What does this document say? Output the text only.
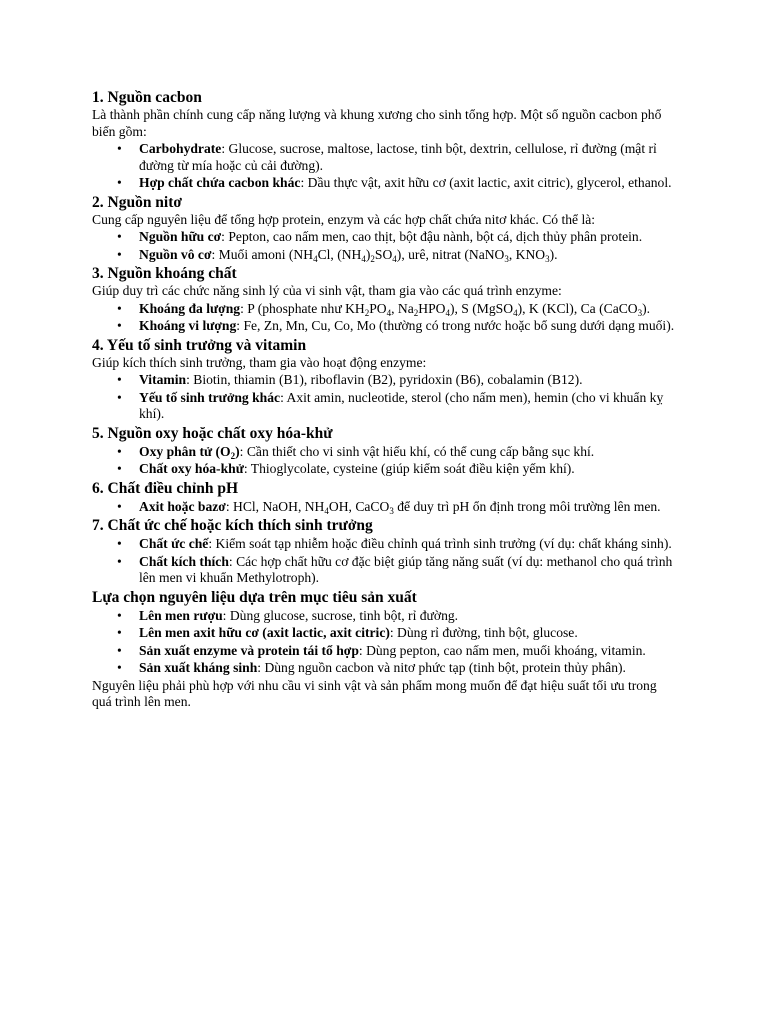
1. Nguồn cacbon

Là thành phần chính cung cấp năng lượng và khung xương cho sinh tổng hợp. Một số nguồn cacbon phổ biến gồm:

• Carbohydrate: Glucose, sucrose, maltose, lactose, tinh bột, dextrin, cellulose, rỉ đường (mật rỉ đường từ mía hoặc củ cải đường).
• Hợp chất chứa cacbon khác: Dầu thực vật, axit hữu cơ (axit lactic, axit citric), glycerol, ethanol.
2. Nguồn nitơ

Cung cấp nguyên liệu để tổng hợp protein, enzym và các hợp chất chứa nitơ khác. Có thể là:

• Nguồn hữu cơ: Pepton, cao nấm men, cao thịt, bột đậu nành, bột cá, dịch thủy phân protein.
• Nguồn vô cơ: Muối amoni ($NH_4Cl$, $(NH_4)_2SO_4$), urê, nitrat (NaNO$_3$, $KNO_3$).
3. Nguồn khoáng chất

Giúp duy trì các chức năng sinh lý của vi sinh vật, tham gia vào các quá trình enzyme:

• Khoáng đa lượng: P (phosphate như $KH_2PO_4$, $Na_2HPO_4$), S (MgSO$_4$), K (KCl), Ca (CaCO$_3$).
• Khoáng vi lượng: Fe, Zn, Mn, Cu, Co, Mo (thường có trong nước hoặc bổ sung dưới dạng muối).
4. Yếu tố sinh trưởng và vitamin

Giúp kích thích sinh trưởng, tham gia vào hoạt động enzyme:

• Vitamin: Biotin, thiamin (B1), riboflavin (B2), pyridoxin (B6), cobalamin (B12).
• Yếu tố sinh trưởng khác: Axit amin, nucleotide, sterol (cho nấm men), hemin (cho vi khuẩn kỵ khí).
5. Nguồn oxy hoặc chất oxy hóa-khử
• Oxy phân tử $(O_2)$: Cần thiết cho vi sinh vật hiếu khí, có thể cung cấp bằng sục khí.
• Chất oxy hóa-khử: Thioglycolate, cysteine (giúp kiểm soát điều kiện yếm khí).
6. Chất điều chỉnh pH
• Axit hoặc bazơ: HCl, NaOH, $NH_4OH$, CaCO$_3$ để duy trì pH ổn định trong môi trường lên men.
7. Chất ức chế hoặc kích thích sinh trưởng
• Chất ức chế: Kiểm soát tạp nhiễm hoặc điều chỉnh quá trình sinh trưởng (ví dụ: chất kháng sinh).
• Chất kích thích: Các hợp chất hữu cơ đặc biệt giúp tăng năng suất (ví dụ: methanol cho quá trình lên men vi khuẩn Methylotroph).
Lựa chọn nguyên liệu dựa trên mục tiêu sản xuất
• Lên men rượu: Dùng glucose, sucrose, tinh bột, rỉ đường.
• Lên men axit hữu cơ (axit lactic, axit citric): Dùng rỉ đường, tinh bột, glucose.
• Sản xuất enzyme và protein tái tổ hợp: Dùng pepton, cao nấm men, muối khoáng, vitamin.
• Sản xuất kháng sinh: Dùng nguồn cacbon và nitơ phức tạp (tinh bột, protein thủy phân).

Nguyên liệu phải phù hợp với nhu cầu vi sinh vật và sản phẩm mong muốn để đạt hiệu suất tối ưu trong quá trình lên men.
